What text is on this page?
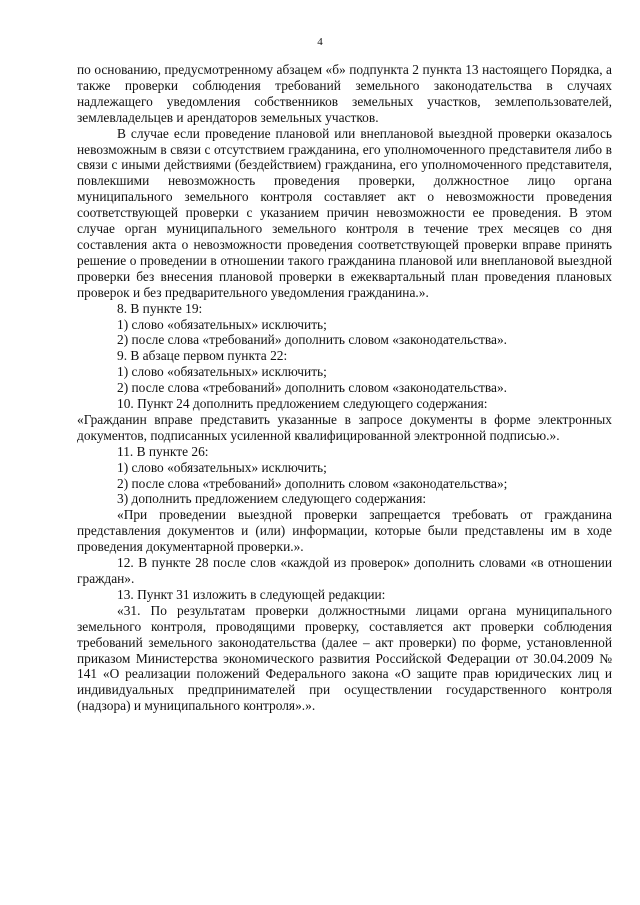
4

по основанию, предусмотренному абзацем «б» подпункта 2 пункта 13 настоящего Порядка, а также проверки соблюдения требований земельного законодательства в случаях надлежащего уведомления собственников земельных участков, землепользователей, землевладельцев и арендаторов земельных участков.

В случае если проведение плановой или внеплановой выездной проверки оказалось невозможным в связи с отсутствием гражданина, его уполномоченного представителя либо в связи с иными действиями (бездействием) гражданина, его уполномоченного представителя, повлекшими невозможность проведения проверки, должностное лицо органа муниципального земельного контроля составляет акт о невозможности проведения соответствующей проверки с указанием причин невозможности ее проведения. В этом случае орган муниципального земельного контроля в течение трех месяцев со дня составления акта о невозможности проведения соответствующей проверки вправе принять решение о проведении в отношении такого гражданина плановой или внеплановой выездной проверки без внесения плановой проверки в ежеквартальный план проведения плановых проверок и без предварительного уведомления гражданина.».

8. В пункте 19:

1) слово «обязательных» исключить;

2) после слова «требований» дополнить словом «законодательства».

9. В абзаце первом пункта 22:

1) слово «обязательных» исключить;

2) после слова «требований» дополнить словом «законодательства».

10. Пункт 24 дополнить предложением следующего содержания:

«Гражданин вправе представить указанные в запросе документы в форме электронных документов, подписанных усиленной квалифицированной электронной подписью.».

11. В пункте 26:

1) слово «обязательных» исключить;

2) после слова «требований» дополнить словом «законодательства»;

3) дополнить предложением следующего содержания:

«При проведении выездной проверки запрещается требовать от гражданина представления документов и (или) информации, которые были представлены им в ходе проведения документарной проверки.».

12. В пункте 28 после слов «каждой из проверок» дополнить словами «в отношении граждан».

13. Пункт 31 изложить в следующей редакции:

«31. По результатам проверки должностными лицами органа муниципального земельного контроля, проводящими проверку, составляется акт проверки соблюдения требований земельного законодательства (далее – акт проверки) по форме, установленной приказом Министерства экономического развития Российской Федерации от 30.04.2009 № 141 «О реализации положений Федерального закона «О защите прав юридических лиц и индивидуальных предпринимателей при осуществлении государственного контроля (надзора) и муниципального контроля».».
